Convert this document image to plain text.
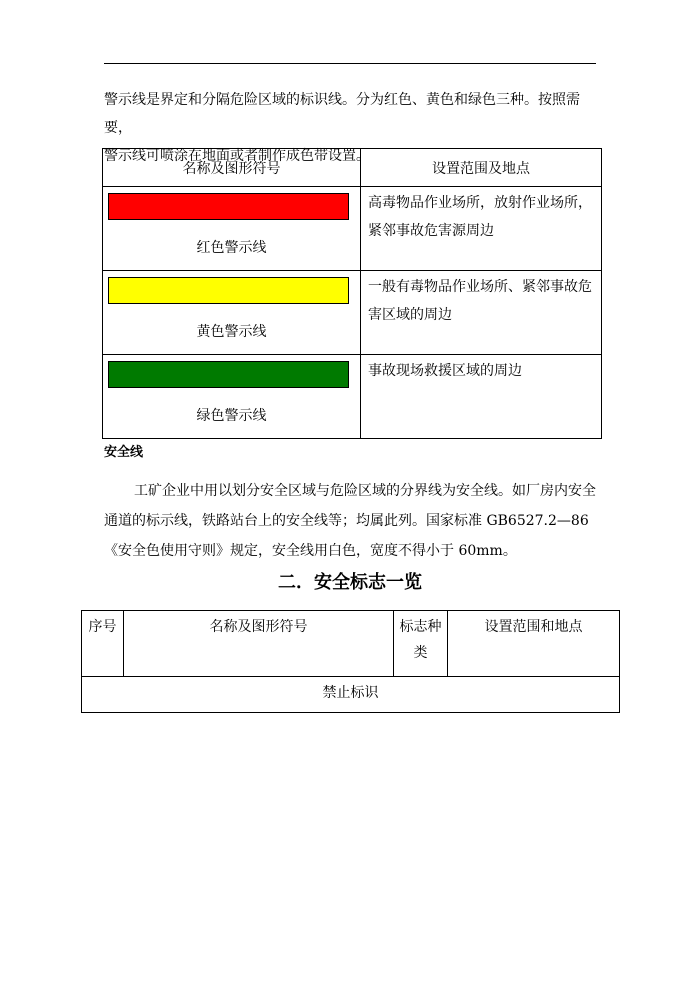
警示线是界定和分隔危险区域的标识线。分为红色、黄色和绿色三种。按照需要，

警示线可喷涂在地面或者制作成色带设置。

名称及图形符号	设置范围及地点

红色警示线	高毒物品作业场所，放射作业场所，紧邻事故危害源周边

黄色警示线	一般有毒物品作业场所、紧邻事故危害区域的周边

绿色警示线	事故现场救援区域的周边
安全线
工矿企业中用以划分安全区域与危险区域的分界线为安全线。如厂房内安全通道的标示线，铁路站台上的安全线等；均属此列。国家标准 GB6527.2—86《安全色使用守则》规定，安全线用白色，宽度不得小于 60mm。
二．安全标志一览
序号	名称及图形符号	标志种类	设置范围和地点
禁止标识
